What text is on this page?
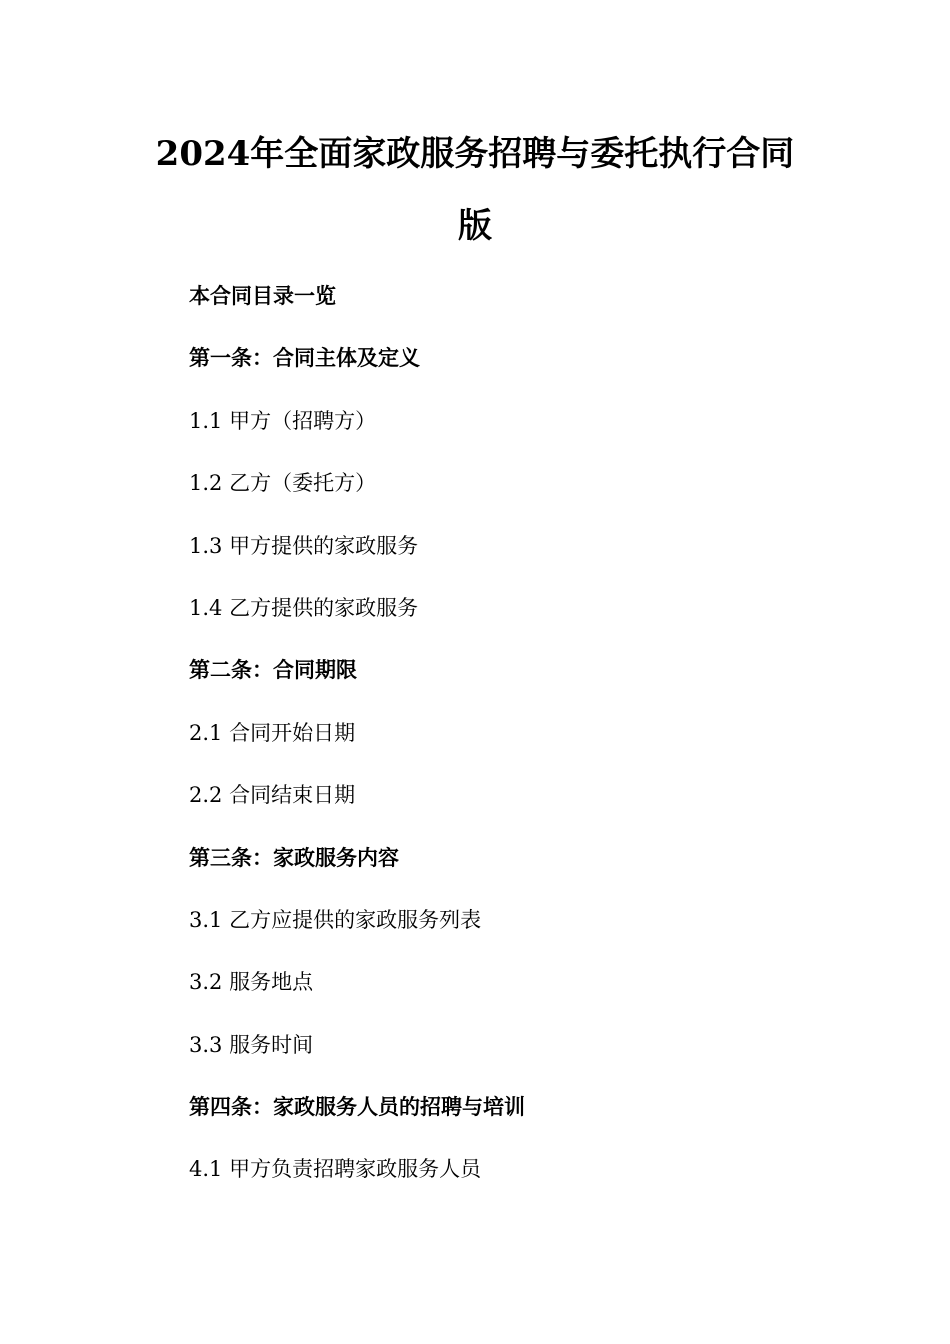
2024年全面家政服务招聘与委托执行合同
版
本合同目录一览
第一条：合同主体及定义
1.1 甲方（招聘方）
1.2 乙方（委托方）
1.3 甲方提供的家政服务
1.4 乙方提供的家政服务
第二条：合同期限
2.1 合同开始日期
2.2 合同结束日期
第三条：家政服务内容
3.1 乙方应提供的家政服务列表
3.2 服务地点
3.3 服务时间
第四条：家政服务人员的招聘与培训
4.1 甲方负责招聘家政服务人员
